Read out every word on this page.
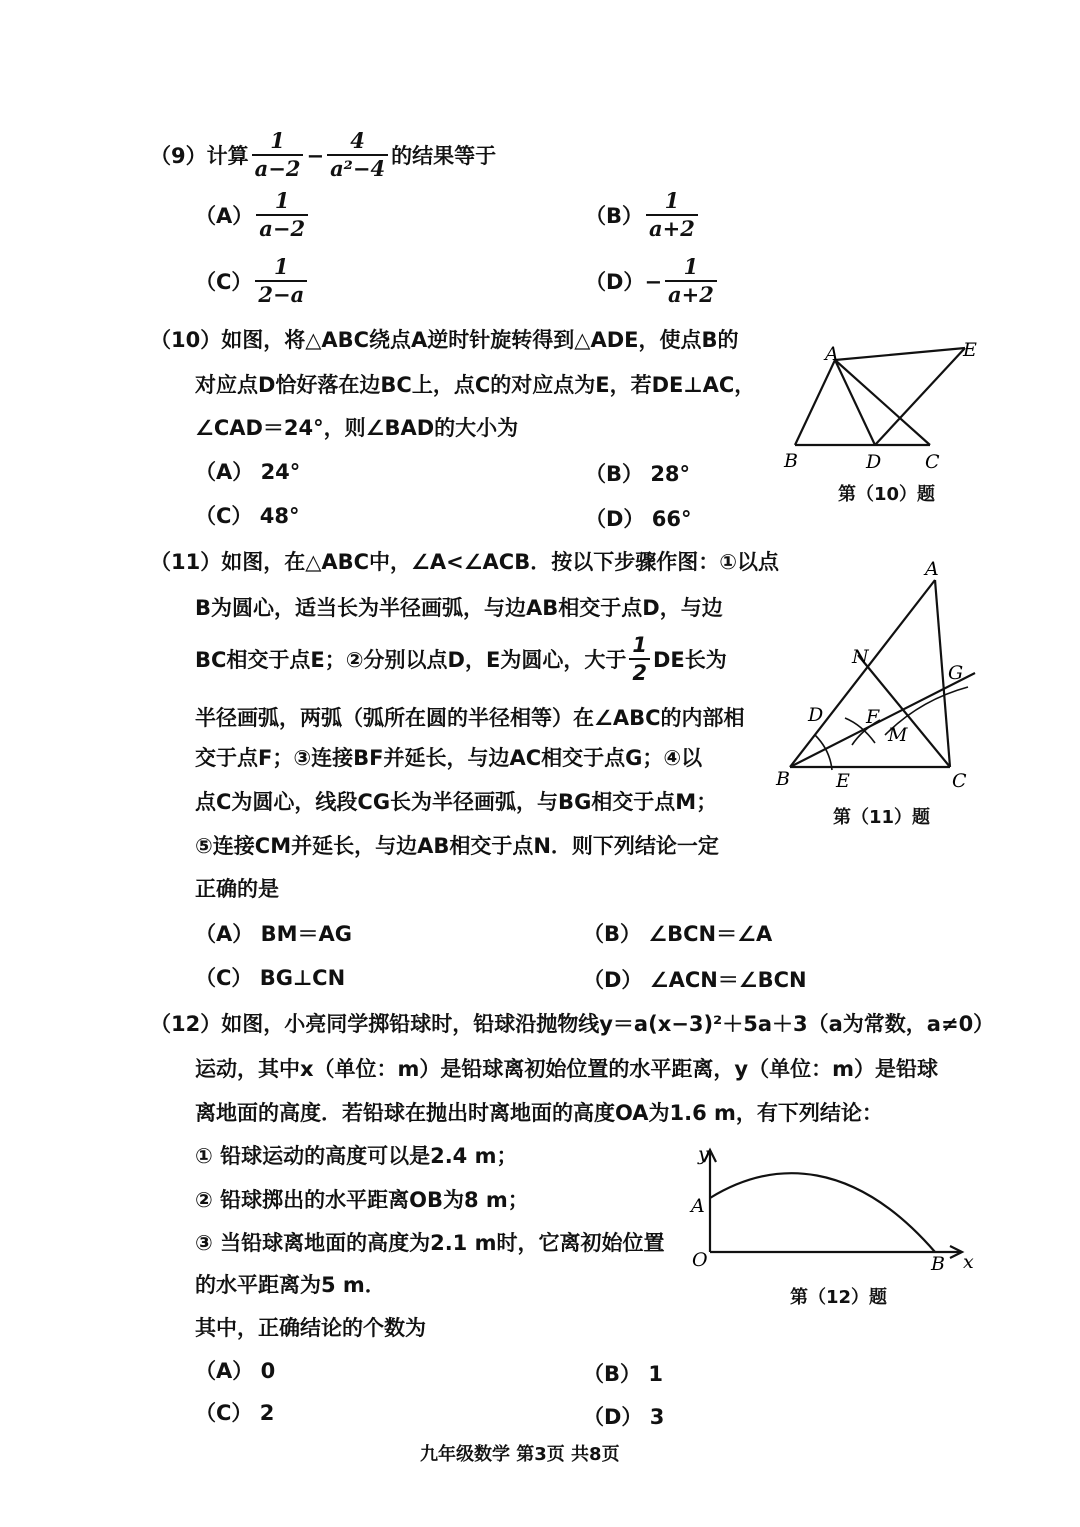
（9） 计算 $\frac{1}{a-2} - \frac{4}{\text{a²−4}}$ 的结果等于
$(A) \frac{1}{a-2}$	$(B) \frac{1}{a+2}$
$(C) \frac{1}{2-a}$	$(D) - \frac{1}{a+2}$
（10）如图，将△ABC绕点A逆时针旋转得到△ADE，使点B的
对应点D恰好落在边BC上，点C的对应点为E，若DE⊥AC，
∠CAD＝24°，则∠BAD的大小为
（A） 24°	（B） 28°
（C） 48°	（D） 66°
A
B	D C
E
第（10）题
（11）如图，在△ABC中，∠A<∠ACB．按以下步骤作图：①以点
B为圆心，适当长为半径画弧，与边AB相交于点D，与边
BC相交于点E；②分别以点D，E为圆心，大于 $\frac{1}{2}$ DE长为
半径画弧，两弧（弧所在圆的半径相等）在∠ABC的内部相
交于点F；③连接BF并延长，与边AC相交于点G；④以
点C为圆心，线段CG长为半径画弧，与BG相交于点M；
⑤连接CM并延长，与边AB相交于点N．则下列结论一定
正确的是
（A） BM＝AG	（B） ∠BCN＝∠A
（C） BG⊥CN	（D） ∠ACN＝∠BCN
A
B	C
D
E
F
G
M
N
第（11）题
（12）如图，小亮同学掷铅球时，铅球沿抛物线y＝a(x−3)²＋5a＋3（a为常数，a≠0）
运动，其中x（单位：m）是铅球离初始位置的水平距离，y（单位：m）是铅球
离地面的高度．若铅球在抛出时离地面的高度OA为1.6 m，有下列结论：
① 铅球运动的高度可以是2.4 m；
② 铅球掷出的水平距离OB为8 m；
③ 当铅球离地面的高度为2.1 m时，它离初始位置
的水平距离为5 m．
其中，正确结论的个数为
（A） 0	（B） 1
（C） 2	（D） 3
y
x
O
A
B
第（12）题
九年级数学 第3页 共8页
